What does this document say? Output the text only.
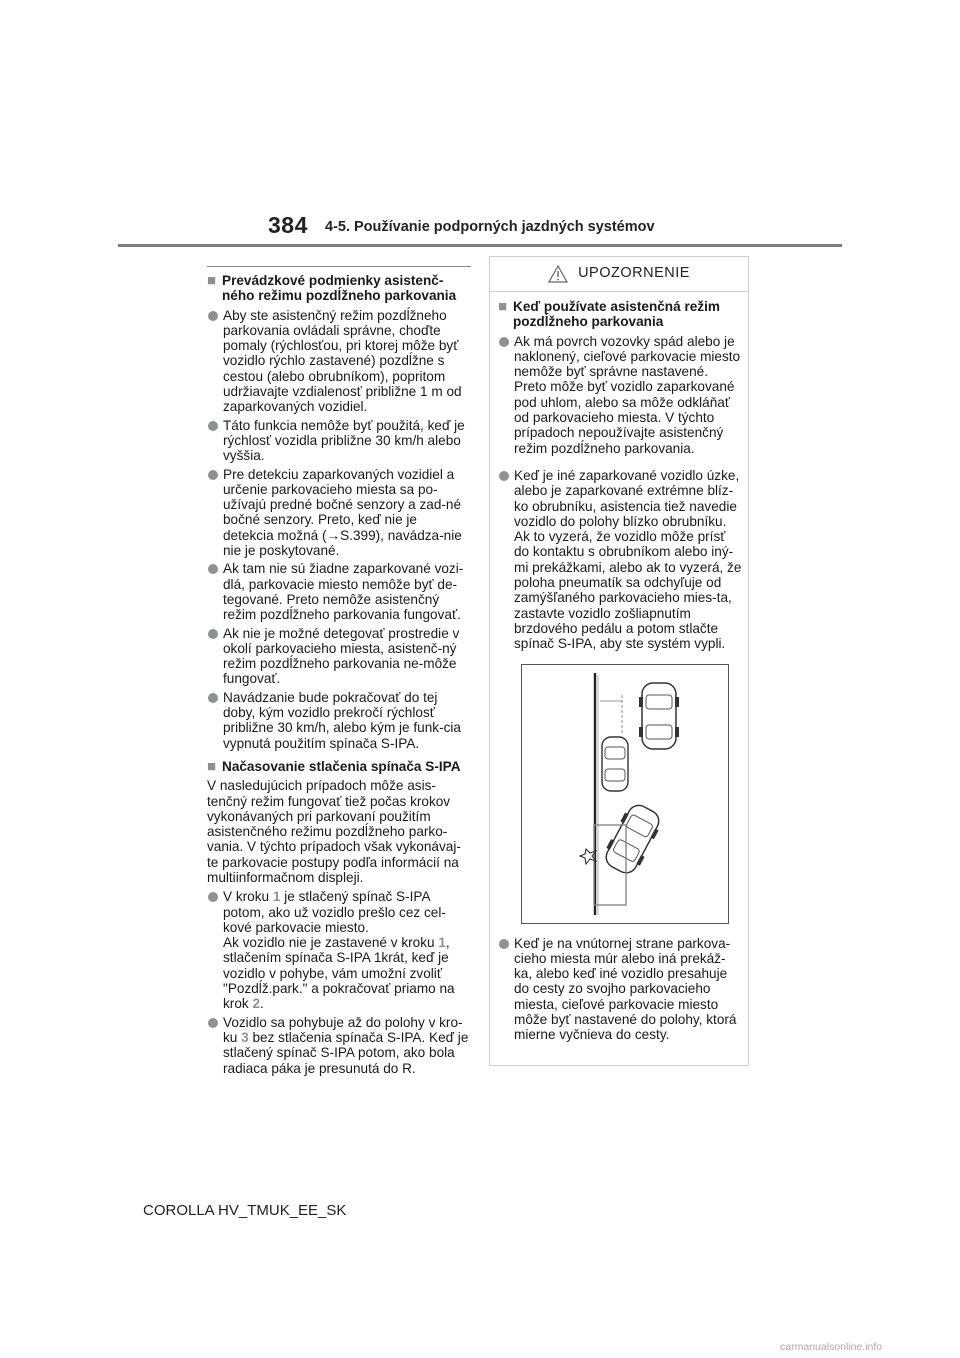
384 4-5. Používanie podporných jazdných systémov
■ Prevádzkové podmienky asistenč-ného režimu pozdĺžneho parkovania
Aby ste asistenčný režim pozdĺžneho parkovania ovládali správne, choďte pomaly (rýchlosťou, pri ktorej môže byť vozidlo rýchlo zastavené) pozdĺžne s cestou (alebo obrubníkom), popritom udržiavajte vzdialenosť približne 1 m od zaparkovaných vozidiel.
Táto funkcia nemôže byť použitá, keď je rýchlosť vozidla približne 30 km/h alebo vyššia.
Pre detekciu zaparkovaných vozidiel a určenie parkovacieho miesta sa po-užívajú predné bočné senzory a zad-né bočné senzory. Preto, keď nie je detekcia možná (→S.399), navádza-nie nie je poskytované.
Ak tam nie sú žiadne zaparkované vozi-dlá, parkovacie miesto nemôže byť de-tegované. Preto nemôže asistenčný režim pozdĺžneho parkovania fungovať.
Ak nie je možné detegovať prostredie v okolí parkovacieho miesta, asistenč-ný režim pozdĺžneho parkovania ne-môže fungovať.
Navádzanie bude pokračovať do tej doby, kým vozidlo prekročí rýchlosť približne 30 km/h, alebo kým je funk-cia vypnutá použitím spínača S-IPA.
■ Načasovanie stlačenia spínača S-IPA
V nasledujúcich prípadoch môže asis-tenčný režim fungovať tiež počas krokov vykonávaných pri parkovaní použitím asistenčného režimu pozdĺžneho parko-vania. V týchto prípadoch však vykonávaj-te parkovacie postupy podľa informácií na multiinformačnom displeji.
V kroku 1 je stlačený spínač S-IPA potom, ako už vozidlo prešlo cez cel-kové parkovacie miesto.
Ak vozidlo nie je zastavené v kroku 1, stlačením spínača S-IPA 1krát, keď je vozidlo v pohybe, vám umožní zvoliť "Pozdĺž.park." a pokračovať priamo na krok 2.
Vozidlo sa pohybuje až do polohy v kro-ku 3 bez stlačenia spínača S-IPA. Keď je stlačený spínač S-IPA potom, ako bola radiaca páka je presunutá do R.
UPOZORNENIE
■ Keď používate asistenčná režim pozdĺžneho parkovania
Ak má povrch vozovky spád alebo je naklonený, cieľové parkovacie miesto nemôže byť správne nastavené. Preto môže byť vozidlo zaparkované pod uhlom, alebo sa môže odkláňať od parkovacieho miesta. V týchto prípadoch nepoužívajte asistenčný režim pozdĺžneho parkovania.
Keď je iné zaparkované vozidlo úzke, alebo je zaparkované extrémne blíz-ko obrubníku, asistencia tiež navedie vozidlo do polohy blízko obrubníku. Ak to vyzerá, že vozidlo môže prísť do kontaktu s obrubníkom alebo iný-mi prekážkami, alebo ak to vyzerá, že poloha pneumatík sa odchyľuje od zamýšľaného parkovacieho mies-ta, zastavte vozidlo zošliapnutím brzdového pedálu a potom stlačte spínač S-IPA, aby ste systém vypli.
Keď je na vnútornej strane parkova-cieho miesta múr alebo iná prekáž-ka, alebo keď iné vozidlo presahuje do cesty zo svojho parkovacieho miesta, cieľové parkovacie miesto môže byť nastavené do polohy, ktorá mierne vyčnieva do cesty.
COROLLA HV_TMUK_EE_SK
carmanualsonline.info
